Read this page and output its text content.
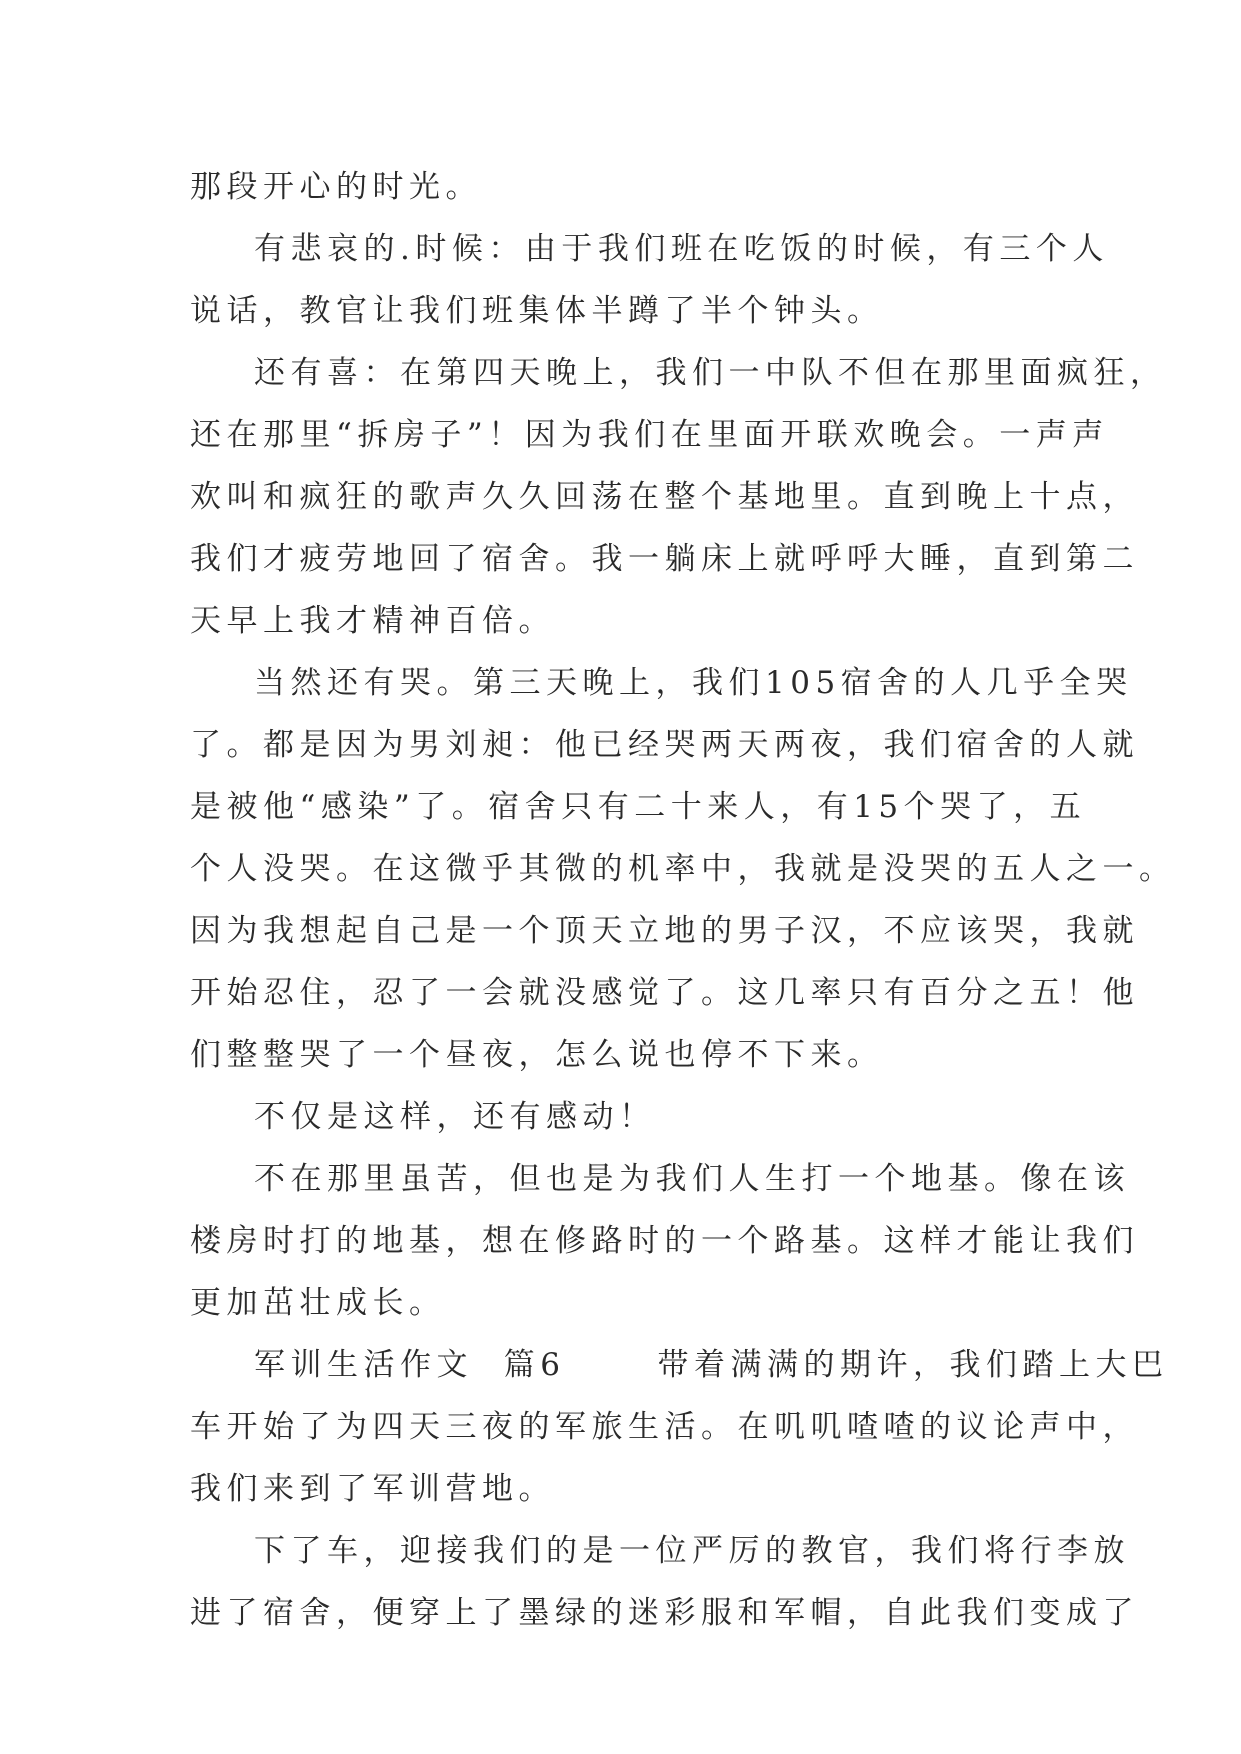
那段开心的时光。
有悲哀的.时候：由于我们班在吃饭的时候，有三个人
说话，教官让我们班集体半蹲了半个钟头。
还有喜：在第四天晚上，我们一中队不但在那里面疯狂，
还在那里“拆房子”！因为我们在里面开联欢晚会。一声声
欢叫和疯狂的歌声久久回荡在整个基地里。直到晚上十点，
我们才疲劳地回了宿舍。我一躺床上就呼呼大睡，直到第二
天早上我才精神百倍。
当然还有哭。第三天晚上，我们105宿舍的人几乎全哭
了。都是因为男刘昶：他已经哭两天两夜，我们宿舍的人就
是被他“感染”了。宿舍只有二十来人，有15个哭了，五
个人没哭。在这微乎其微的机率中，我就是没哭的五人之一。
因为我想起自己是一个顶天立地的男子汉，不应该哭，我就
开始忍住，忍了一会就没感觉了。这几率只有百分之五！他
们整整哭了一个昼夜，怎么说也停不下来。
不仅是这样，还有感动！
不在那里虽苦，但也是为我们人生打一个地基。像在该
楼房时打的地基，想在修路时的一个路基。这样才能让我们
更加茁壮成长。
军训生活作文  篇6      带着满满的期许，我们踏上大巴
车开始了为四天三夜的军旅生活。在叽叽喳喳的议论声中，
我们来到了军训营地。
下了车，迎接我们的是一位严厉的教官，我们将行李放
进了宿舍，便穿上了墨绿的迷彩服和军帽，自此我们变成了
